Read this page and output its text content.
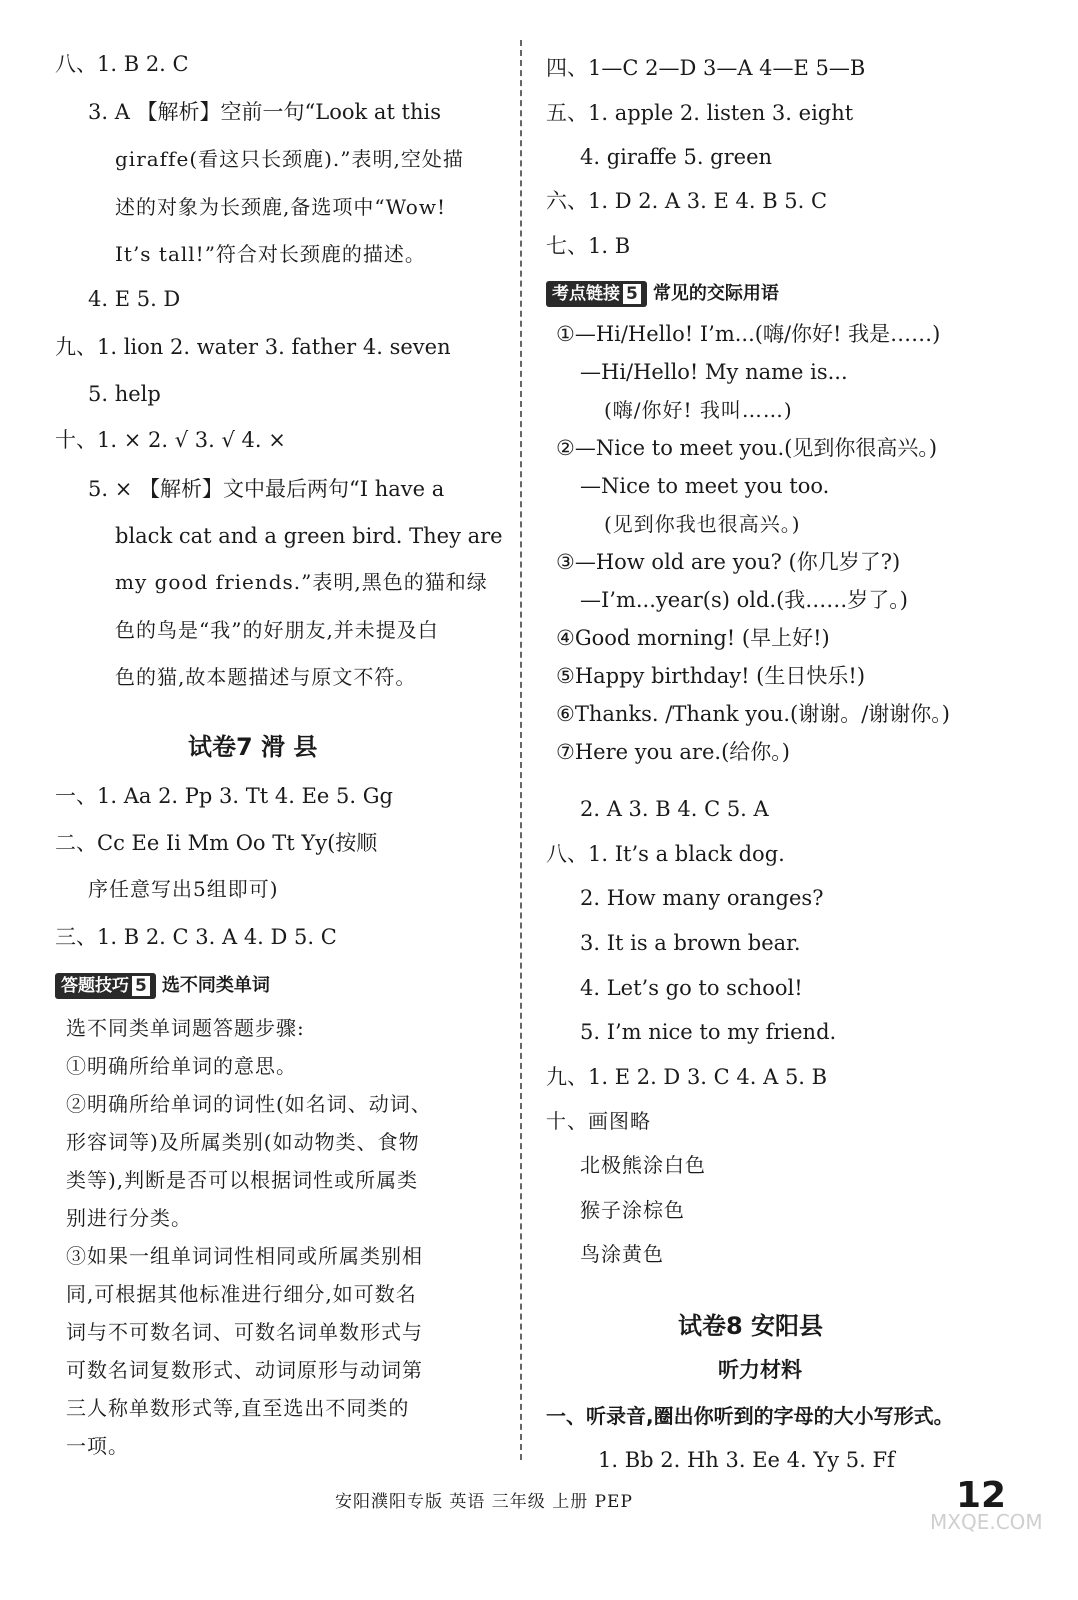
八、1. B 2. C
3. A 【解析】空前一句“Look at this
giraffe(看这只长颈鹿).”表明,空处描
述的对象为长颈鹿,备选项中“Wow!
It’s tall!”符合对长颈鹿的描述。
4. E 5. D
九、1. lion 2. water 3. father 4. seven
5. help
十、1. × 2. √ 3. √ 4. ×
5. × 【解析】文中最后两句“I have a
black cat and a green bird. They are
my good friends.”表明,黑色的猫和绿
色的鸟是“我”的好朋友,并未提及白
色的猫,故本题描述与原文不符。
试卷7 滑 县
一、1. Aa 2. Pp 3. Tt 4. Ee 5. Gg
二、Cc Ee Ii Mm Oo Tt Yy(按顺
序任意写出5组即可)
三、1. B 2. C 3. A 4. D 5. C
答题技巧 5 选不同类单词
选不同类单词题答题步骤:
①明确所给单词的意思。
②明确所给单词的词性(如名词、动词、
形容词等)及所属类别(如动物类、食物
类等),判断是否可以根据词性或所属类
别进行分类。
③如果一组单词词性相同或所属类别相
同,可根据其他标准进行细分,如可数名
词与不可数名词、可数名词单数形式与
可数名词复数形式、动词原形与动词第
三人称单数形式等,直至选出不同类的
一项。
四、1—C 2—D 3—A 4—E 5—B
五、1. apple 2. listen 3. eight
4. giraffe 5. green
六、1. D 2. A 3. E 4. B 5. C
七、1. B
考点链接 5 常见的交际用语
①—Hi/Hello! I’m...(嗨/你好! 我是……)
—Hi/Hello! My name is...
(嗨/你好! 我叫……)
②—Nice to meet you.(见到你很高兴。)
—Nice to meet you too.
(见到你我也很高兴。)
③—How old are you? (你几岁了?)
—I’m...year(s) old.(我……岁了。)
④Good morning! (早上好!)
⑤Happy birthday! (生日快乐!)
⑥Thanks. /Thank you.(谢谢。/谢谢你。)
⑦Here you are.(给你。)
2. A 3. B 4. C 5. A
八、1. It’s a black dog.
2. How many oranges?
3. It is a brown bear.
4. Let’s go to school!
5. I’m nice to my friend.
九、1. E 2. D 3. C 4. A 5. B
十、画图略
北极熊涂白色
猴子涂棕色
鸟涂黄色
试卷8 安阳县
听力材料
一、听录音,圈出你听到的字母的大小写形式。
1. Bb 2. Hh 3. Ee 4. Yy 5. Ff
安阳濮阳专版 英语 三年级 上册 PEP	12
MXQE.COM
